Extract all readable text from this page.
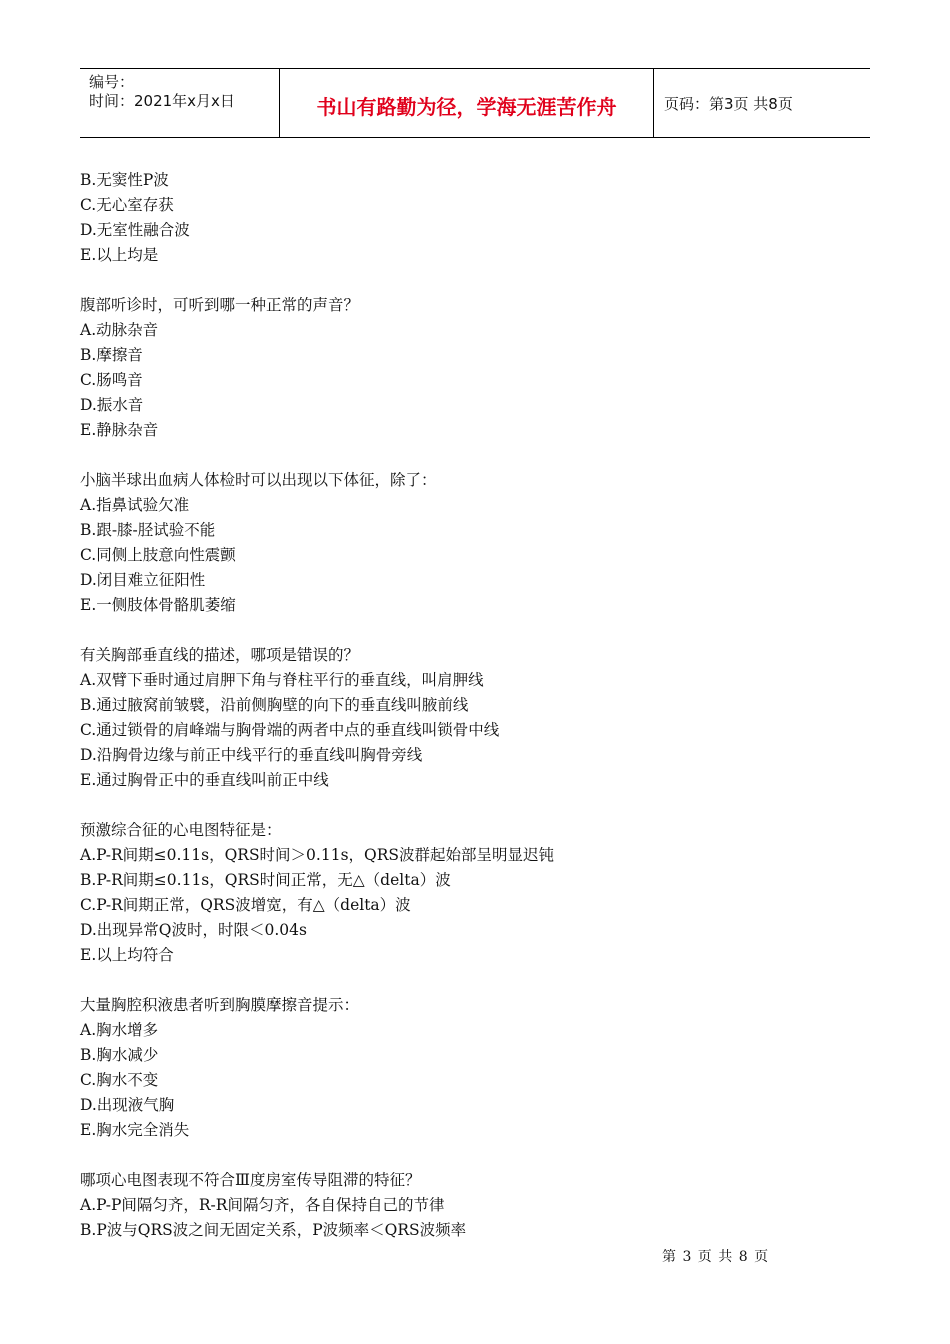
编号：
时间：2021年x月x日	书山有路勤为径，学海无涯苦作舟	页码：第3页 共8页
B.无窦性P波
C.无心室存获
D.无室性融合波
E.以上均是
腹部听诊时，可听到哪一种正常的声音？
A.动脉杂音
B.摩擦音
C.肠鸣音
D.振水音
E.静脉杂音
小脑半球出血病人体检时可以出现以下体征，除了：
A.指鼻试验欠准
B.跟-膝-胫试验不能
C.同侧上肢意向性震颤
D.闭目难立征阳性
E.一侧肢体骨骼肌萎缩
有关胸部垂直线的描述，哪项是错误的？
A.双臂下垂时通过肩胛下角与脊柱平行的垂直线，叫肩胛线
B.通过腋窝前皱襞，沿前侧胸壁的向下的垂直线叫腋前线
C.通过锁骨的肩峰端与胸骨端的两者中点的垂直线叫锁骨中线
D.沿胸骨边缘与前正中线平行的垂直线叫胸骨旁线
E.通过胸骨正中的垂直线叫前正中线
预激综合征的心电图特征是：
A.P-R间期≤0.11s，QRS时间＞0.11s，QRS波群起始部呈明显迟钝
B.P-R间期≤0.11s，QRS时间正常，无△（delta）波
C.P-R间期正常，QRS波增宽，有△（delta）波
D.出现异常Q波时，时限＜0.04s
E.以上均符合
大量胸腔积液患者听到胸膜摩擦音提示：
A.胸水增多
B.胸水减少
C.胸水不变
D.出现液气胸
E.胸水完全消失
哪项心电图表现不符合Ⅲ度房室传导阻滞的特征？
A.P-P间隔匀齐，R-R间隔匀齐，各自保持自己的节律
B.P波与QRS波之间无固定关系，P波频率＜QRS波频率
第 3 页 共 8 页
